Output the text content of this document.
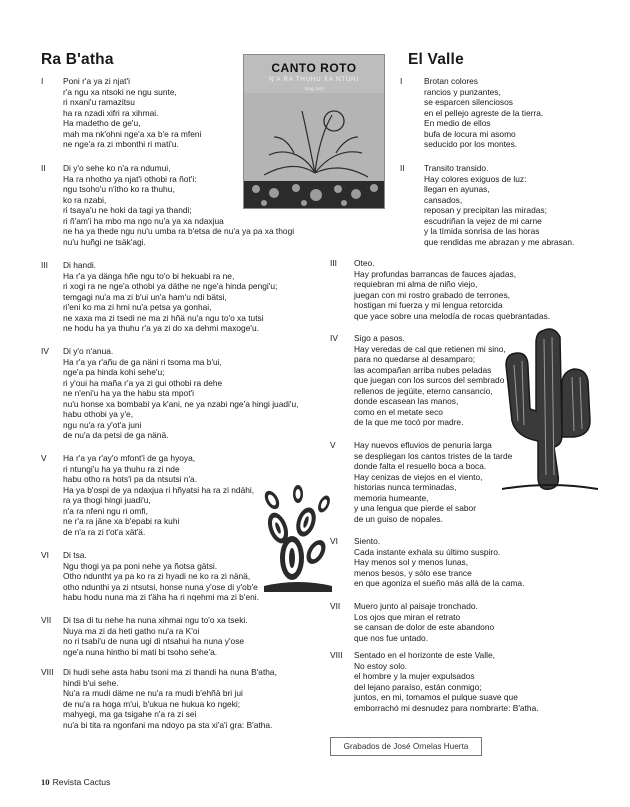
Ra B'atha	El Valle
I Poni r'a ya zi njat'i
r'a ngu xa ntsoki ne ngu sunte,
ri nxani'u ramazitsu
ha ra nzadi xifri ra xihmai.
Ha madetho de ge'u,
mah ma nk'ohni nge'a xa b'e ra mfeni
ne nge'a ra zi mbonthi ri mati'u.
II Di y'o sehe ko n'a ra ndumui,
Ha ra nhotho ya njat'i othobi ra ñot'i:
ngu tsoho'u n'itho ko ra thuhu,
ko ra nzabi,
ri tsaya'u ne hoki da tagi ya thandi;
ri ñ'am'i ha mbo ma ngo nu'a ya xa ndaxjua
ne ha ya thede ngu nu'u umba ra b'etsa de nu'a ya pa xa thogi
nu'u huñgi ne tsäk'agi.
III Di handi.
Ha r'a ya dänga hñe ngu to'o bi hekuabi ra ne,
ri xogi ra ne nge'a othobi ya däthe ne nge'a hinda pengi'u;
temgagi nu'a ma zi b'ui un'a ham'u ndi bätsi,
ri'eni ko ma zi hmi nu'a petsa ya gonhai,
ne xaxa ma zi tsedi ne ma zi hñä nu'a ngu to'o xa tutsi
ne hodu ha ya thuhu r'a ya zi do xa dehmi maxoge'u.
IV Di y'o n'anua.
Ha r'a ya r'añu de ga näni ri tsoma ma b'ui,
nge'a pa hinda kohi sehe'u;
ri y'oui ha maña r'a ya zi gui othobi ra dehe
ne n'eni'u ha ya the habu sta mpot'i
nu'u honse xa bombabi ya k'ani, ne ya nzabi nge'a hingi juadi'u,
habu othobi ya y'e,
ngu nu'a ra y'ot'a juni
de nu'a da petsi de ga nänä.
V Ha r'a ya r'ay'o mfont'i de ga hyoya,
ri ntungi'u ha ya thuhu ra zi nde
habu otho ra hots'i pa da ntsutsi n'a.
Ha ya b'ospi de ya ndaxjua ri hñyatsi ha ra zi ndähi,
ra ya thogi hingi juadi'u,
n'a ra nfeni ngu ri omfi,
ne r'a ra jäne xa b'epabi ra kuhi
de n'a ra zi t'ot'a xät'ä.
VI Di tsa.
Ngu thogi ya pa poni nehe ya ñotsa gätsi.
Otho nduntht ya pa ko ra zi hyadi ne ko ra zi nänä,
otho ndunthi ya zi ntsutsi, honse nuna y'ose di y'ob'e
habu hodu nuna ma zi t'äha ha ri nqehmi ma zi b'eni.
VII Di tsa di tu nehe ha nuna xihmai ngu to'o xa tseki.
Nuya ma zi da heti gatho nu'a ra K'oi
no ri tsabi'u de nuna ugi di ntsahui ha nuna y'ose
nge'a nuna hintho bi mati bi tsoho sehe'a.
VIII Di hudi sehe asta habu tsoni ma zi thandi ha nuna B'atha,
hindi b'ui sehe.
Nu'a ra mudi däme ne nu'a ra mudi b'ehñä bri jui
de nu'a ra hoga m'ui, b'ukua ne hukua ko ngeki;
mahyegi, ma ga tsigahe n'a ra zi sei
nu'a bi tita ra ngonfani ma ndoyo pa sta xi'a'i gra: B'atha.
I	Brotan colores
rancios y punzantes,
se esparcen silenciosos
en el pellejo agreste de la tierra.
En medio de ellos
bufa de locura mi asomo
seducido por los montes.
II Transito transido.
Hay colores exiguos de luz:
llegan en ayunas,
cansados,
reposan y precipitan las miradas;
escudriñan la vejez de mi carne
y la tímida sonrisa de las horas
que rendidas me abrazan y me abrasan.
III Oteo.
Hay profundas barrancas de fauces ajadas,
requiebran mi alma de niño viejo,
juegan con mi rostro grabado de terrones,
hostigan mi fuerza y mi lengua retorcida
que yace sobre una melodía de rocas quebrantadas.
IV Sigo a pasos.
Hay veredas de cal que retienen mi sino,
para no quedarse al desamparo;
las acompañan arriba nubes peladas
que juegan con los surcos del sembrado
rellenos de jegüite, eterno cansancio,
donde escasean las manos,
como en el metate seco
de la que me tocó por madre.
V Hay nuevos efluvios de penuria larga
se despliegan los cantos tristes de la tarde
donde falta el resuello boca a boca.
Hay cenizas de viejos en el viento,
historias nunca terminadas,
memoria humeante,
y una lengua que pierde el sabor
de un guiso de nopales.
VI Siento.
Cada instante exhala su último suspiro.
Hay menos sol y menos lunas,
menos besos, y sólo ese trance
en que agoniza el sueño más allá de la cama.
VII Muero junto al paisaje tronchado.
Los ojos que miran el retrato
se cansan de dolor de este abandono
que nos fue untado.
VIII Sentado en el horizonte de este Valle,
No estoy solo.
el hombre y la mujer expulsados
del lejano paraíso, están conmigo;
juntos, en mi, tomamos el pulque suave que
emborrachó mi desnudez para nombrarte: B'atha.
CANTO ROTO
N'A RA THUHU XA NTUNI
Xing Josri
Grabados de José Ornelas Huerta
10 Revista Cactus
